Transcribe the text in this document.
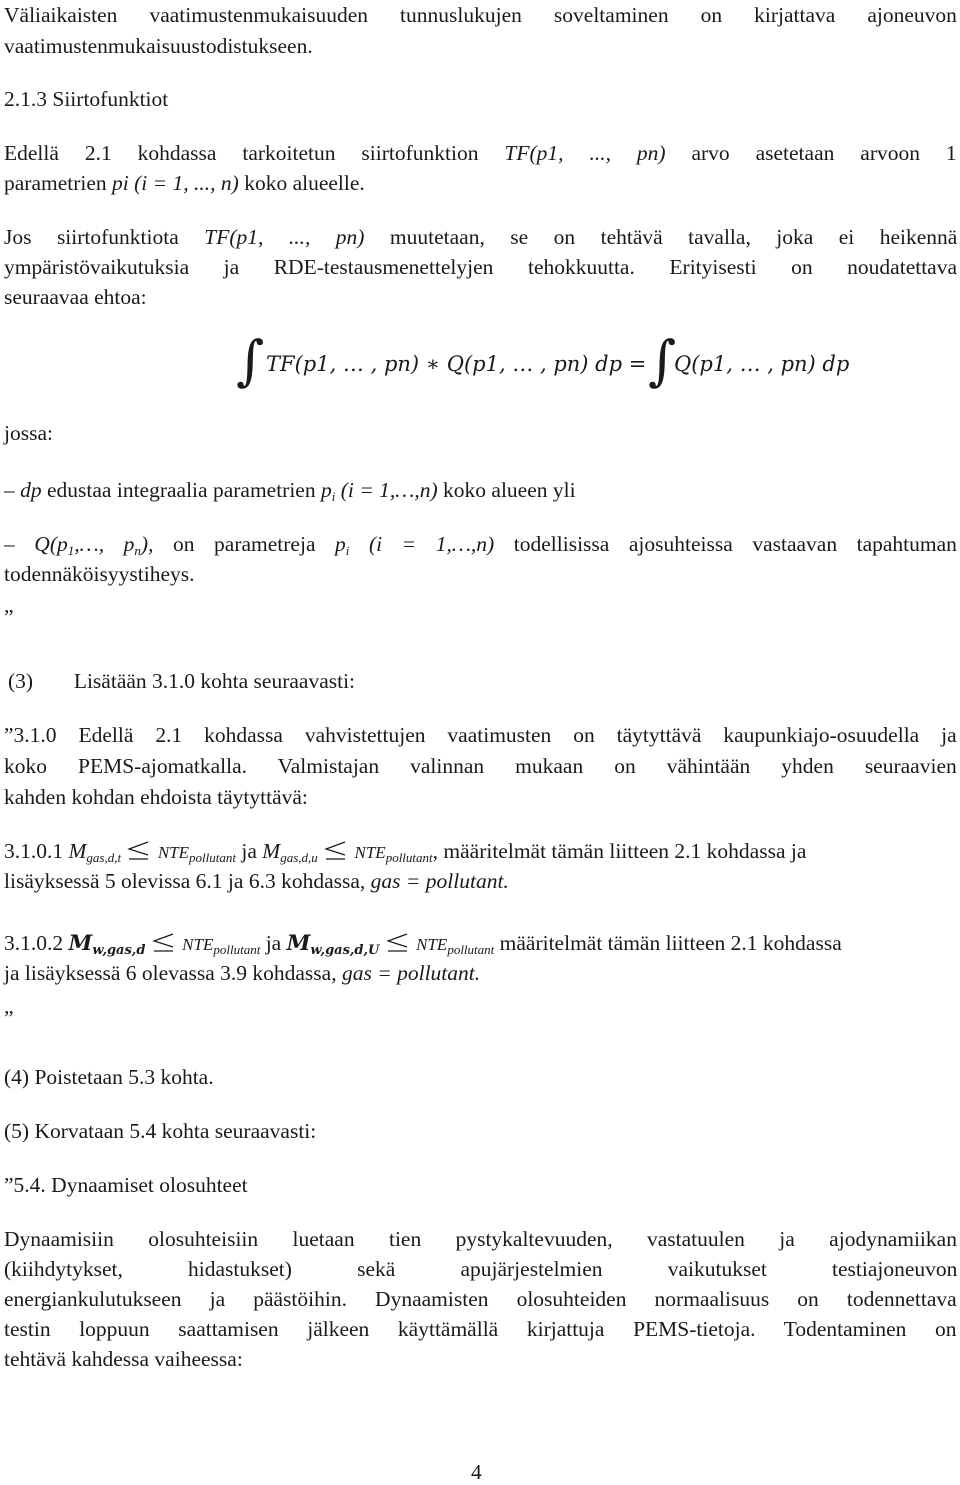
Väliaikaisten vaatimustenmukaisuuden tunnuslukujen soveltaminen on kirjattava ajoneuvon
vaatimustenmukaisuustodistukseen.
2.1.3 Siirtofunktiot
Edellä 2.1 kohdassa tarkoitetun siirtofunktion TF(p1, ..., pn) arvo asetetaan arvoon 1
parametrien pi (i = 1, ..., n) koko alueelle.
Jos siirtofunktiota TF(p1, ..., pn) muutetaan, se on tehtävä tavalla, joka ei heikennä
ympäristövaikutuksia ja RDE-testausmenettelyjen tehokkuutta. Erityisesti on noudatettava
seuraavaa ehtoa:
∫ TF(p1, … , pn) ∗ Q(p1, … , pn) dp = ∫
Q(p1, … , pn) dp
jossa:
– dp edustaa integraalia parametrien $p_i$ (i = 1,…,n) koko alueen yli
– $Q(p_1,\dots$, $p_n$), on parametreja $p_i$ (i = 1,…,n) todellisissa ajosuhteissa vastaavan tapahtuman
todennäköisyystiheys.
”
(3) Lisätään 3.1.0 kohta seuraavasti:
”3.1.0 Edellä 2.1 kohdassa vahvistettujen vaatimusten on täytyttävä kaupunkiajo-osuudella ja
koko PEMS-ajomatkalla. Valmistajan valinnan mukaan on vähintään yhden seuraavien
kahden kohdan ehdoista täytyttävä:
3.1.0.1 $M_{gas,d,t}$ $NTE_{pollutant}$ ja $M_{gas,d,u}$ $NTE_{pollutant}$, määritelmät tämän liitteen 2.1 kohdassa ja
lisäyksessä 5 olevissa 6.1 ja 6.3 kohdassa, gas = pollutant.
3.1.0.2 $M_{w,gas,d}$ $NTE_{pollutant}$ ja $M_{w,gas,d,U}$ $NTE_{pollutant}$ määritelmät tämän liitteen 2.1 kohdassa
ja lisäyksessä 6 olevassa 3.9 kohdassa, gas = pollutant.
”
(4) Poistetaan 5.3 kohta.
(5) Korvataan 5.4 kohta seuraavasti:
”5.4. Dynaamiset olosuhteet
Dynaamisiin olosuhteisiin luetaan tien pystykaltevuuden, vastatuulen ja ajodynamiikan
(kiihdytykset, hidastukset) sekä apujärjestelmien vaikutukset testiajoneuvon
energiankulutukseen ja päästöihin. Dynaamisten olosuhteiden normaalisuus on todennettava
testin loppuun saattamisen jälkeen käyttämällä kirjattuja PEMS-tietoja. Todentaminen on
tehtävä kahdessa vaiheessa:
4
